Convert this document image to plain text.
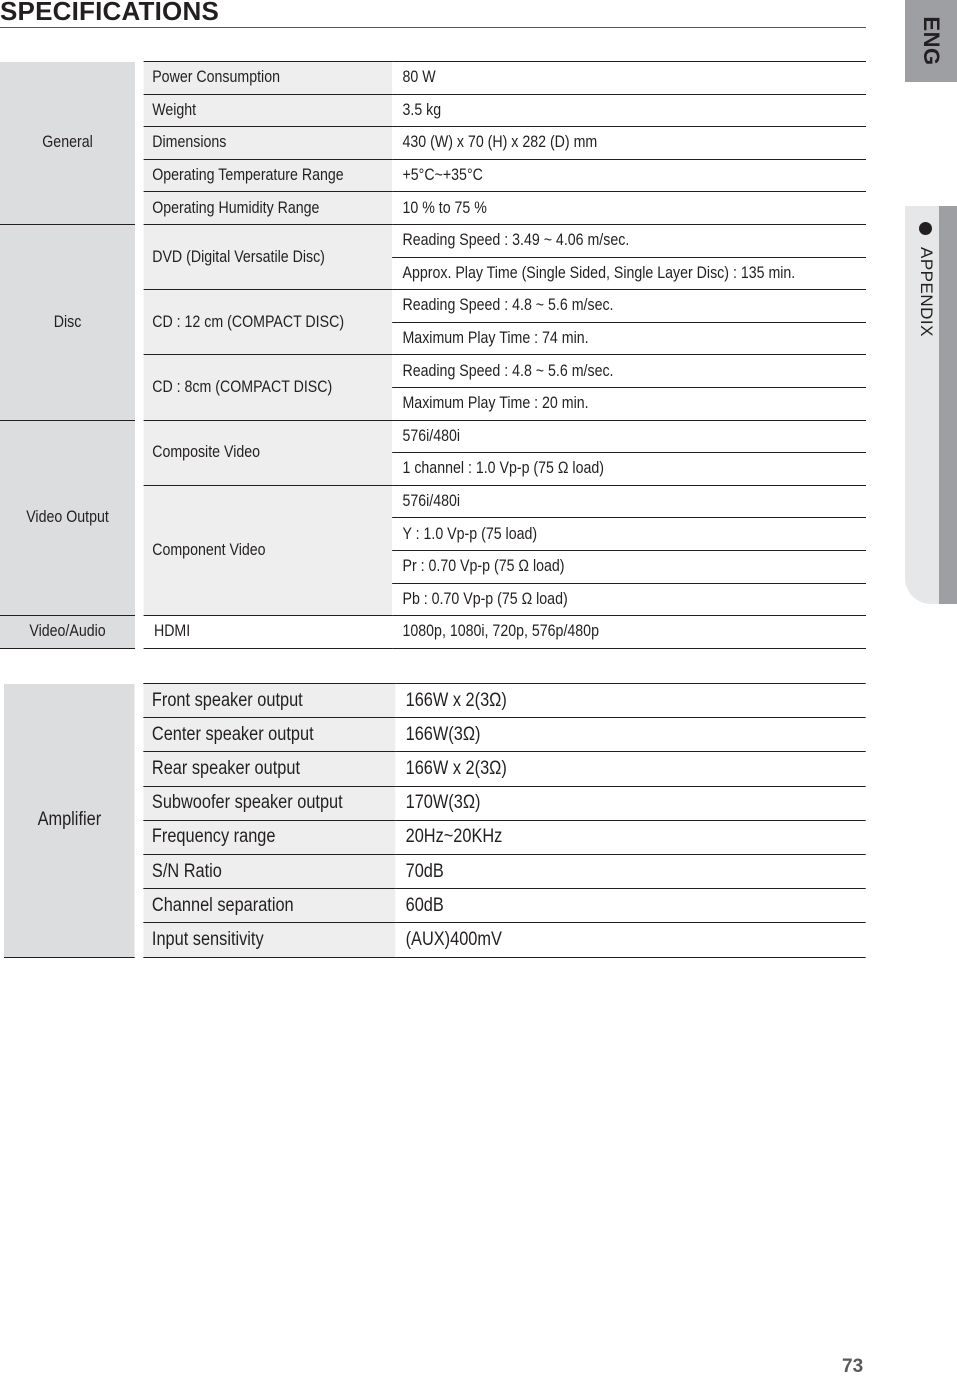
SPECIFICATIONS
ENG
APPENDIX
General		Power Consumption	80 W
		Weight	3.5 kg
		Dimensions	430 (W) x 70 (H) x 282 (D) mm
		Operating Temperature Range	+5°C~+35°C
		Operating Humidity Range	10 % to 75 %
Disc		DVD (Digital Versatile Disc)	Reading Speed : 3.49 ~ 4.06 m/sec.
			Approx. Play Time (Single Sided, Single Layer Disc) : 135 min.
		CD : 12 cm (COMPACT DISC)	Reading Speed : 4.8 ~ 5.6 m/sec.
			Maximum Play Time : 74 min.
		CD : 8cm (COMPACT DISC)	Reading Speed : 4.8 ~ 5.6 m/sec.
			Maximum Play Time : 20 min.
Video Output		Composite Video	576i/480i
			1 channel : 1.0 Vp-p (75 Ω load)
		Component Video	576i/480i
			Y : 1.0 Vp-p (75 load)
			Pr : 0.70 Vp-p (75 Ω load)
			Pb : 0.70 Vp-p (75 Ω load)
Video/Audio		HDMI	1080p, 1080i, 720p, 576p/480p
Amplifier		Front speaker output	166W x 2(3Ω)
		Center speaker output	166W(3Ω)
		Rear speaker output	166W x 2(3Ω)
		Subwoofer speaker output	170W(3Ω)
		Frequency range	20Hz~20KHz
		S/N Ratio	70dB
		Channel separation	60dB
		Input sensitivity	(AUX)400mV
73
